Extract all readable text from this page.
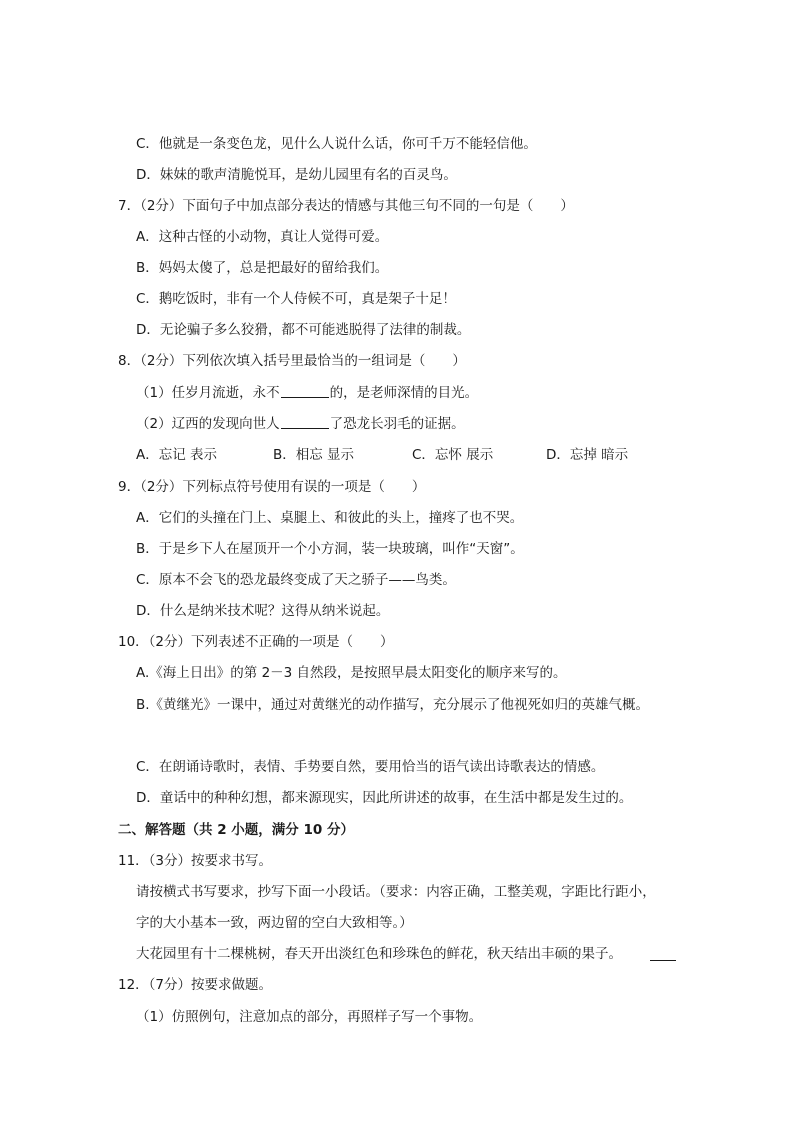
C．他就是一条变色龙，见什么人说什么话，你可千万不能轻信他。
D．妹妹的歌声清脆悦耳，是幼儿园里有名的百灵鸟。
7．（2分）下面句子中加点部分表达的情感与其他三句不同的一句是（　　）
A．这种古怪的小动物，真让人觉得可爱。
B．妈妈太傻了，总是把最好的留给我们。
C．鹅吃饭时，非有一个人侍候不可，真是架子十足！
D．无论骗子多么狡猾，都不可能逃脱得了法律的制裁。
8．（2分）下列依次填入括号里最恰当的一组词是（　　）
（1）任岁月流逝，永不	的，是老师深情的目光。
（2）辽西的发现向世人	了恐龙长羽毛的证据。
A．忘记 表示	B．相忘 显示	C．忘怀 展示	D．忘掉 暗示
9．（2分）下列标点符号使用有误的一项是（　　）
A．它们的头撞在门上、桌腿上、和彼此的头上，撞疼了也不哭。
B．于是乡下人在屋顶开一个小方洞，装一块玻璃，叫作“天窗”。
C．原本不会飞的恐龙最终变成了天之骄子——鸟类。
D．什么是纳米技术呢？这得从纳米说起。
10．（2分）下列表述不正确的一项是（　　）
A.《海上日出》的第 2－3 自然段，是按照早晨太阳变化的顺序来写的。
B.《黄继光》一课中，通过对黄继光的动作描写，充分展示了他视死如归的英雄气概。
C．在朗诵诗歌时，表情、手势要自然，要用恰当的语气读出诗歌表达的情感。
D．童话中的种种幻想，都来源现实，因此所讲述的故事，在生活中都是发生过的。
二、解答题（共 2 小题，满分 10 分）
11．（3分）按要求书写。
请按横式书写要求，抄写下面一小段话。（要求：内容正确，工整美观，字距比行距小，
字的大小基本一致，两边留的空白大致相等。）
大花园里有十二棵桃树，春天开出淡红色和珍珠色的鲜花，秋天结出丰硕的果子。
12．（7分）按要求做题。
（1）仿照例句，注意加点的部分，再照样子写一个事物。
